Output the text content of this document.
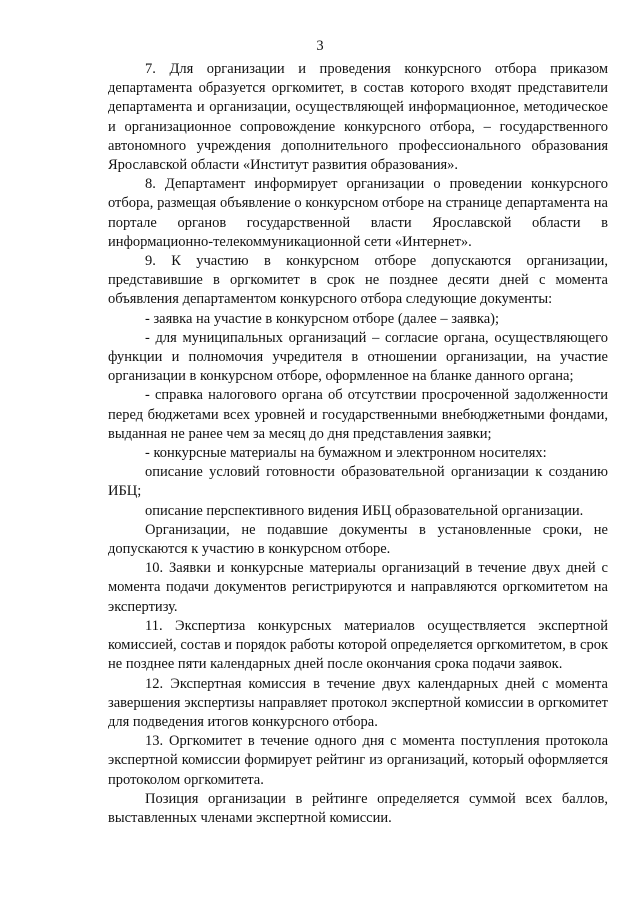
3

7. Для организации и проведения конкурсного отбора приказом департамента образуется оргкомитет, в состав которого входят представители департамента и организации, осуществляющей информационное, методическое и организационное сопровождение конкурсного отбора, – государственного автономного учреждения дополнительного профессионального образования Ярославской области «Институт развития образования».

8. Департамент информирует организации о проведении конкурсного отбора, размещая объявление о конкурсном отборе на странице департамента на портале органов государственной власти Ярославской области в информационно-телекоммуникационной сети «Интернет».

9. К участию в конкурсном отборе допускаются организации, представившие в оргкомитет в срок не позднее десяти дней с момента объявления департаментом конкурсного отбора следующие документы:

- заявка на участие в конкурсном отборе (далее – заявка);

- для муниципальных организаций – согласие органа, осуществляющего функции и полномочия учредителя в отношении организации, на участие организации в конкурсном отборе, оформленное на бланке данного органа;

- справка налогового органа об отсутствии просроченной задолженности перед бюджетами всех уровней и государственными внебюджетными фондами, выданная не ранее чем за месяц до дня представления заявки;

- конкурсные материалы на бумажном и электронном носителях:

описание условий готовности образовательной организации к созданию ИБЦ;

описание перспективного видения ИБЦ образовательной организации.

Организации, не подавшие документы в установленные сроки, не допускаются к участию в конкурсном отборе.

10. Заявки и конкурсные материалы организаций в течение двух дней с момента подачи документов регистрируются и направляются оргкомитетом на экспертизу.

11. Экспертиза конкурсных материалов осуществляется экспертной комиссией, состав и порядок работы которой определяется оргкомитетом, в срок не позднее пяти календарных дней после окончания срока подачи заявок.

12. Экспертная комиссия в течение двух календарных дней с момента завершения экспертизы направляет протокол экспертной комиссии в оргкомитет для подведения итогов конкурсного отбора.

13. Оргкомитет в течение одного дня с момента поступления протокола экспертной комиссии формирует рейтинг из организаций, который оформляется протоколом оргкомитета.

Позиция организации в рейтинге определяется суммой всех баллов, выставленных членами экспертной комиссии.
